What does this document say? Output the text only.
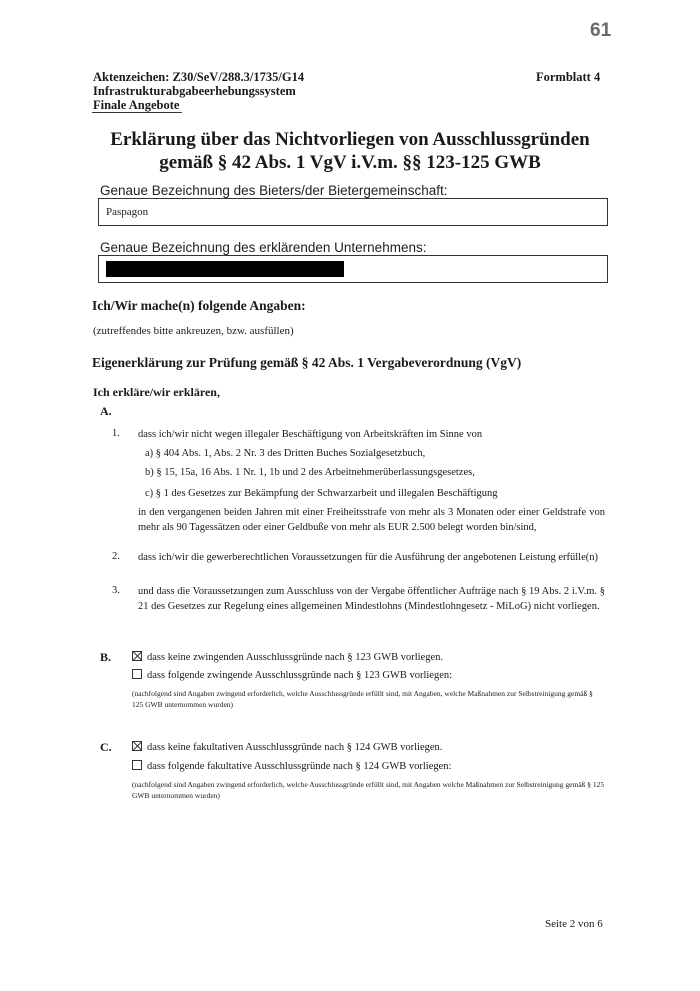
61
Aktenzeichen: Z30/SeV/288.3/1735/G14
Infrastrukturabgabeerhebungssystem
Finale Angebote
Formblatt 4
Erklärung über das Nichtvorliegen von Ausschlussgründen
gemäß § 42 Abs. 1 VgV i.V.m. §§ 123-125 GWB
Genaue Bezeichnung des Bieters/der Bietergemeinschaft:
Paspagon
Genaue Bezeichnung des erklärenden Unternehmens:
Ich/Wir mache(n) folgende Angaben:
(zutreffendes bitte ankreuzen, bzw. ausfüllen)
Eigenerklärung zur Prüfung gemäß § 42 Abs. 1 Vergabeverordnung (VgV)
Ich erkläre/wir erklären,
A.
1. dass ich/wir nicht wegen illegaler Beschäftigung von Arbeitskräften im Sinne von
a) § 404 Abs. 1, Abs. 2 Nr. 3 des Dritten Buches Sozialgesetzbuch,
b) § 15, 15a, 16 Abs. 1 Nr. 1, 1b und 2 des Arbeitnehmerüberlassungsgesetzes,
c) § 1 des Gesetzes zur Bekämpfung der Schwarzarbeit und illegalen Beschäftigung
in den vergangenen beiden Jahren mit einer Freiheitsstrafe von mehr als 3 Monaten oder einer Geldstrafe von mehr als 90 Tagessätzen oder einer Geldbuße von mehr als EUR 2.500 belegt worden bin/sind,
2. dass ich/wir die gewerberechtlichen Voraussetzungen für die Ausführung der angebotenen Leistung erfülle(n)
3. und dass die Voraussetzungen zum Ausschluss von der Vergabe öffentlicher Aufträge nach § 19 Abs. 2 i.V.m. § 21 des Gesetzes zur Regelung eines allgemeinen Mindestlohns (Mindestlohngesetz - MiLoG) nicht vorliegen.
B.	dass keine zwingenden Ausschlussgründe nach § 123 GWB vorliegen.
dass folgende zwingende Ausschlussgründe nach § 123 GWB vorliegen:
(nachfolgend sind Angaben zwingend erforderlich, welche Ausschlussgründe erfüllt sind, mit Angaben, welche Maßnahmen zur Selbstreinigung gemäß § 125 GWB unternommen wurden)
C.	dass keine fakultativen Ausschlussgründe nach § 124 GWB vorliegen.
dass folgende fakultative Ausschlussgründe nach § 124 GWB vorliegen:
(nachfolgend sind Angaben zwingend erforderlich, welche Ausschlussgründe erfüllt sind, mit Angaben welche Maßnahmen zur Selbstreinigung gemäß § 125 GWB unternommen wurden)
Seite 2 von 6
